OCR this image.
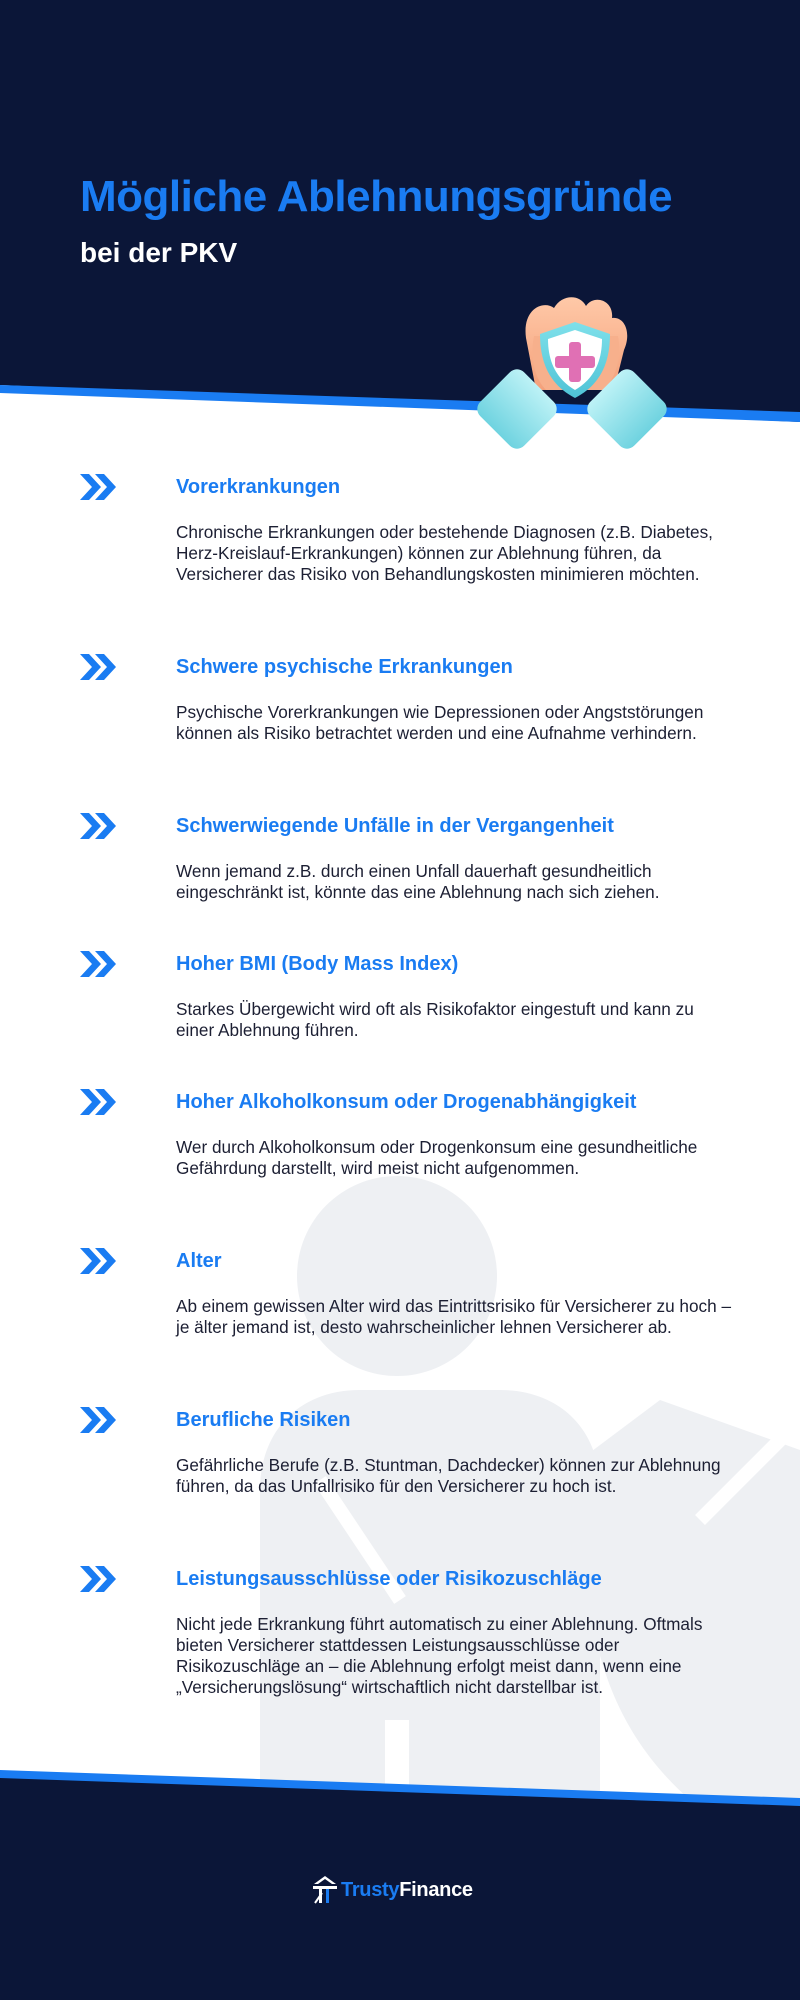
Mögliche Ablehnungsgründe
bei der PKV
Vorerkrankungen

Chronische Erkrankungen oder bestehende Diagnosen (z.B. Diabetes, Herz-Kreislauf-Erkrankungen) können zur Ablehnung führen, da Versicherer das Risiko von Behandlungskosten minimieren möchten.

Schwere psychische Erkrankungen

Psychische Vorerkrankungen wie Depressionen oder Angststörungen können als Risiko betrachtet werden und eine Aufnahme verhindern.

Schwerwiegende Unfälle in der Vergangenheit

Wenn jemand z.B. durch einen Unfall dauerhaft gesundheitlich eingeschränkt ist, könnte das eine Ablehnung nach sich ziehen.

Hoher BMI (Body Mass Index)

Starkes Übergewicht wird oft als Risikofaktor eingestuft und kann zu einer Ablehnung führen.

Hoher Alkoholkonsum oder Drogenabhängigkeit

Wer durch Alkoholkonsum oder Drogenkonsum eine gesundheitliche Gefährdung darstellt, wird meist nicht aufgenommen.

Alter

Ab einem gewissen Alter wird das Eintrittsrisiko für Versicherer zu hoch – je älter jemand ist, desto wahrscheinlicher lehnen Versicherer ab.

Berufliche Risiken

Gefährliche Berufe (z.B. Stuntman, Dachdecker) können zur Ablehnung führen, da das Unfallrisiko für den Versicherer zu hoch ist.

Leistungsausschlüsse oder Risikozuschläge

Nicht jede Erkrankung führt automatisch zu einer Ablehnung. Oftmals bieten Versicherer stattdessen Leistungsausschlüsse oder Risikozuschläge an – die Ablehnung erfolgt meist dann, wenn eine „Versicherungslösung“ wirtschaftlich nicht darstellbar ist.

TrustyFinance
